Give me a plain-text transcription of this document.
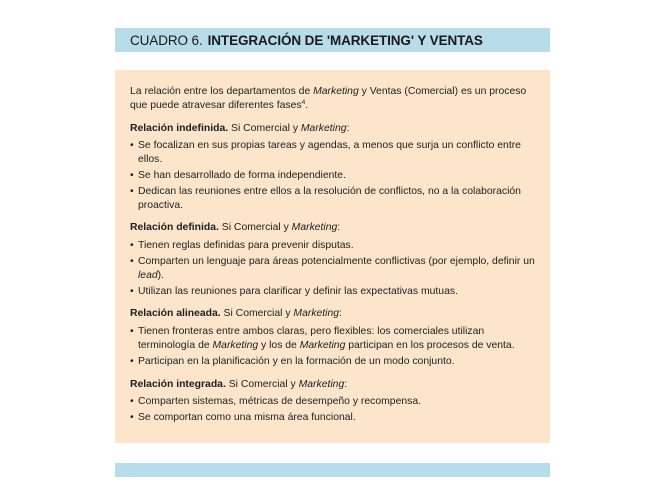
CUADRO 6. INTEGRACIÓN DE 'MARKETING' Y VENTAS

La relación entre los departamentos de Marketing y Ventas (Comercial) es un proceso que puede atravesar diferentes fases$^4$.

Relación indefinida. Si Comercial y Marketing:

• Se focalizan en sus propias tareas y agendas, a menos que surja un conflicto entre ellos.
• Se han desarrollado de forma independiente.
• Dedican las reuniones entre ellos a la resolución de conflictos, no a la colaboración proactiva.

Relación definida. Si Comercial y Marketing:

• Tienen reglas definidas para prevenir disputas.
• Comparten un lenguaje para áreas potencialmente conflictivas (por ejemplo, definir un lead).
• Utilizan las reuniones para clarificar y definir las expectativas mutuas.

Relación alineada. Si Comercial y Marketing:

• Tienen fronteras entre ambos claras, pero flexibles: los comerciales utilizan terminología de Marketing y los de Marketing participan en los procesos de venta.
• Participan en la planificación y en la formación de un modo conjunto.

Relación integrada. Si Comercial y Marketing:

• Comparten sistemas, métricas de desempeño y recompensa.
• Se comportan como una misma área funcional.
